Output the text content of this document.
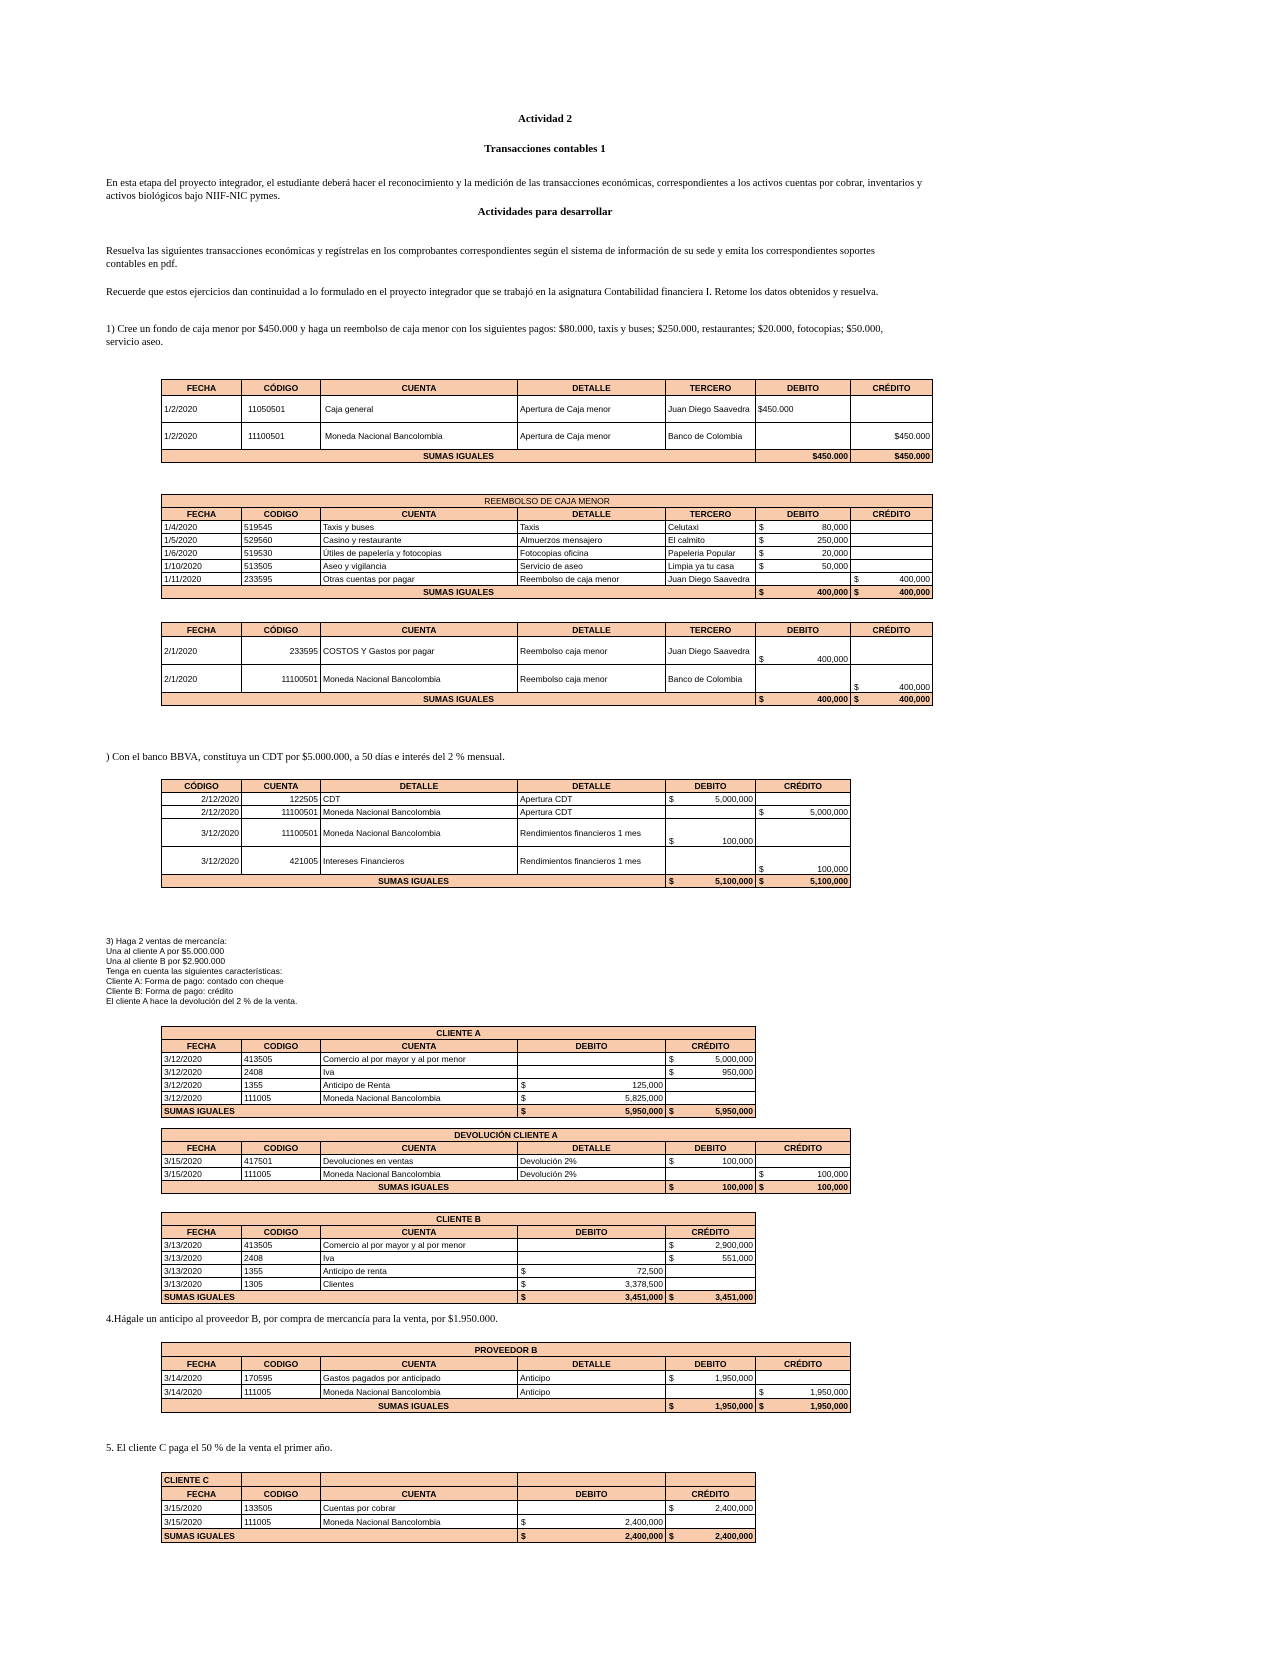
Actividad 2
Transacciones contables 1

En esta etapa del proyecto integrador, el estudiante deberá hacer el reconocimiento y la medición de las transacciones económicas, correspondientes a los activos cuentas por cobrar, inventarios y activos biológicos bajo NIIF-NIC pymes.

Actividades para desarrollar

Resuelva las siguientes transacciones económicas y regístrelas en los comprobantes correspondientes según el sistema de información de su sede y emita los correspondientes soportes contables en pdf.

Recuerde que estos ejercicios dan continuidad a lo formulado en el proyecto integrador que se trabajó en la asignatura Contabilidad financiera I. Retome los datos obtenidos y resuelva.

1) Cree un fondo de caja menor por $450.000 y haga un reembolso de caja menor con los siguientes pagos: $80.000, taxis y buses; $250.000, restaurantes; $20.000, fotocopias; $50.000, servicio aseo.

FECHA	CÓDIGO	CUENTA	DETALLE	TERCERO	DEBITO	CRÉDITO
1/2/2020	11050501	Caja general	Apertura de Caja menor	Juan Diego Saavedra	$450.000	
1/2/2020	11100501	Moneda Nacional Bancolombia	Apertura de Caja menor	Banco de Colombia		$450.000
SUMAS IGUALES					$450.000	$450.000
REEMBOLSO DE CAJA MENOR						
FECHA	CODIGO	CUENTA	DETALLE	TERCERO	DEBITO	CRÉDITO
1/4/2020	519545	Taxis y buses	Taxis	Celutaxi	$ 80,000	

1/5/2020	529560	Casino y restaurante	Almuerzos mensajero	El calmito	$ 250,000	

1/6/2020	519530	Útiles de papelería y fotocopias	Fotocopias oficina	Papeleria Popular	$ 20,000	

1/10/2020	513505	Aseo y vigilancia	Servicio de aseo	Limpia ya tu casa	$ 50,000	

1/11/2020	233595	Otras cuentas por pagar	Reembolso de caja menor	Juan Diego Saavedra		$ 400,000

SUMAS IGUALES					$ 400,000	$ 400,000
FECHA	CÓDIGO	CUENTA	DETALLE	TERCERO	DEBITO	CRÉDITO
2/1/2020	233595	COSTOS Y Gastos por pagar	Reembolso caja menor	Juan Diego Saavedra	$ 400,000	

2/1/2020	11100501	Moneda Nacional Bancolombia	Reembolso caja menor	Banco de Colombia		$ 400,000

SUMAS IGUALES					$ 400,000	$ 400,000

) Con el banco BBVA, constituya un CDT por $5.000.000, a 50 días e interés del 2 % mensual.

CÓDIGO	CUENTA	DETALLE	DETALLE	DEBITO	CRÉDITO
2/12/2020	122505	CDT	Apertura CDT	$ 5,000,000	

2/12/2020	11100501	Moneda Nacional Bancolombia	Apertura CDT		$ 5,000,000

3/12/2020	11100501	Moneda Nacional Bancolombia	Rendimientos financieros 1 mes	$ 100,000	

3/12/2020	421005	Intereses Financieros	Rendimientos financieros 1 mes		$ 100,000

SUMAS IGUALES				$ 5,100,000	$ 5,100,000
3) Haga 2 ventas de mercancía:
Una al cliente A por $5.000.000
Una al cliente B por $2.900.000
Tenga en cuenta las siguientes características:
Cliente A: Forma de pago: contado con cheque
Cliente B: Forma de pago: crédito
El cliente A hace la devolución del 2 % de la venta.
CLIENTE A				
FECHA	CODIGO	CUENTA	DEBITO	CRÉDITO
3/12/2020	413505	Comercio al por mayor y al por menor		$ 5,000,000

3/12/2020	2408	Iva		$ 950,000

3/12/2020	1355	Anticipo de Renta	$ 125,000	

3/12/2020	111005	Moneda Nacional Bancolombia	$ 5,825,000	

SUMAS IGUALES			$ 5,950,000	$ 5,950,000
DEVOLUCIÓN CLIENTE A					
FECHA	CODIGO	CUENTA	DETALLE	DEBITO	CRÉDITO
3/15/2020	417501	Devoluciones en ventas	Devolución 2%	$ 100,000	

3/15/2020	111005	Moneda Nacional Bancolombia	Devolución 2%		$ 100,000

SUMAS IGUALES				$ 100,000	$ 100,000
CLIENTE B				
FECHA	CODIGO	CUENTA	DEBITO	CRÉDITO
3/13/2020	413505	Comercio al por mayor y al por menor		$ 2,900,000

3/13/2020	2408	Iva		$ 551,000

3/13/2020	1355	Anticipo de renta	$ 72,500	

3/13/2020	1305	Clientes	$ 3,378,500	

SUMAS IGUALES			$ 3,451,000	$ 3,451,000

4.Hágale un anticipo al proveedor B, por compra de mercancía para la venta, por $1.950.000.

PROVEEDOR B					
FECHA	CODIGO	CUENTA	DETALLE	DEBITO	CRÉDITO
3/14/2020	170595	Gastos pagados por anticipado	Anticipo	$ 1,950,000	

3/14/2020	111005	Moneda Nacional Bancolombia	Anticipo		$ 1,950,000

SUMAS IGUALES				$ 1,950,000	$ 1,950,000

5. El cliente C paga el 50 % de la venta el primer año.

CLIENTE C				
FECHA	CODIGO	CUENTA	DEBITO	CRÉDITO
3/15/2020	133505	Cuentas por cobrar		$ 2,400,000

3/15/2020	111005	Moneda Nacional Bancolombia	$ 2,400,000	

SUMAS IGUALES			$ 2,400,000	$ 2,400,000
